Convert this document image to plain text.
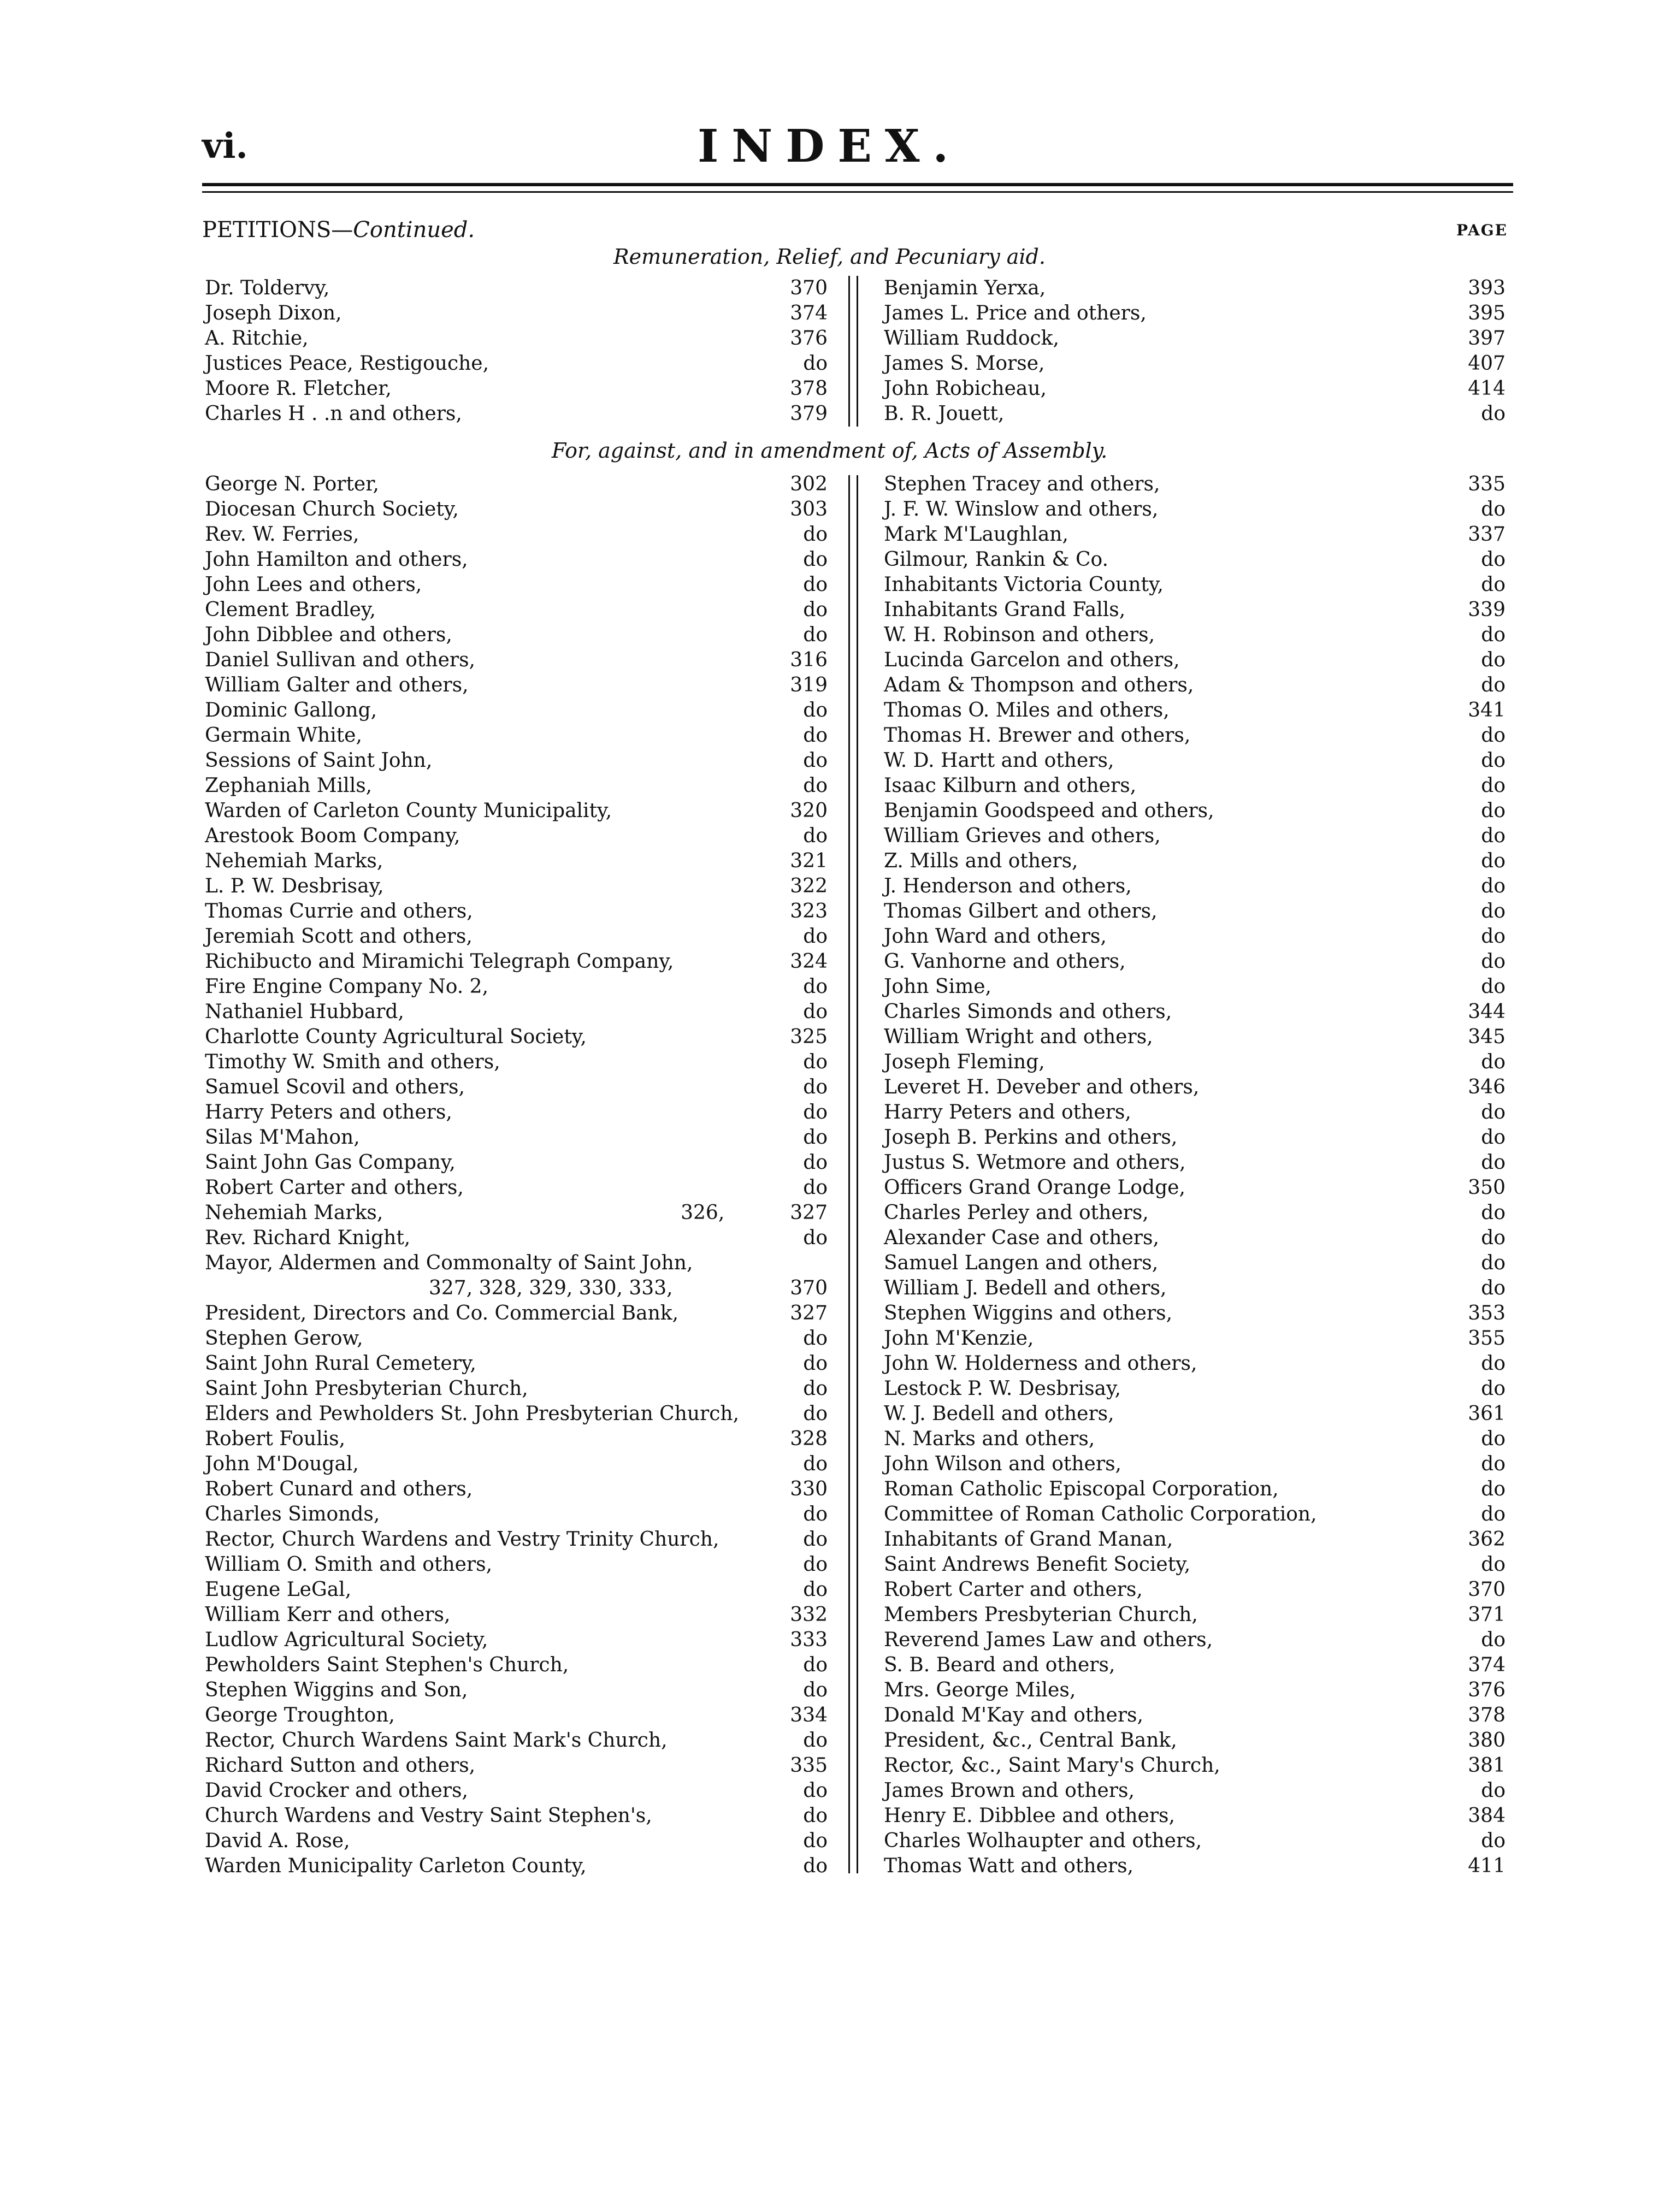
vi.	INDEX.
PETITIONS—Continued.	PAGE
Remuneration, Relief, and Pecuniary aid.
Dr. Toldervy,	370
Joseph Dixon,	374
A. Ritchie,	376
Justices Peace, Restigouche,	do
Moore R. Fletcher,	378
Charles H . .n and others,	379
Benjamin Yerxa,	393
James L. Price and others,	395
William Ruddock,	397
James S. Morse,	407
John Robicheau,	414
B. R. Jouett,	do
For, against, and in amendment of, Acts of Assembly.
George N. Porter,	302
Diocesan Church Society,	303
Rev. W. Ferries,	do
John Hamilton and others,	do
John Lees and others,	do
Clement Bradley,	do
John Dibblee and others,	do
Daniel Sullivan and others,	316
William Galter and others,	319
Dominic Gallong,	do
Germain White,	do
Sessions of Saint John,	do
Zephaniah Mills,	do
Warden of Carleton County Municipality,	320
Arestook Boom Company,	do
Nehemiah Marks,	321
L. P. W. Desbrisay,	322
Thomas Currie and others,	323
Jeremiah Scott and others,	do
Richibucto and Miramichi Telegraph Company,	324
Fire Engine Company No. 2,	do
Nathaniel Hubbard,	do
Charlotte County Agricultural Society,	325
Timothy W. Smith and others,	do
Samuel Scovil and others,	do
Harry Peters and others,	do
Silas M'Mahon,	do
Saint John Gas Company,	do
Robert Carter and others,	do
Nehemiah Marks,	326,	327
Rev. Richard Knight,	do
Mayor, Aldermen and Commonalty of Saint John,
327, 328, 329, 330, 333,	370
President, Directors and Co. Commercial Bank,	327
Stephen Gerow,	do
Saint John Rural Cemetery,	do
Saint John Presbyterian Church,	do
Elders and Pewholders St. John Presbyterian Church,	do
Robert Foulis,	328
John M'Dougal,	do
Robert Cunard and others,	330
Charles Simonds,	do
Rector, Church Wardens and Vestry Trinity Church,	do
William O. Smith and others,	do
Eugene LeGal,	do
William Kerr and others,	332
Ludlow Agricultural Society,	333
Pewholders Saint Stephen's Church,	do
Stephen Wiggins and Son,	do
George Troughton,	334
Rector, Church Wardens Saint Mark's Church,	do
Richard Sutton and others,	335
David Crocker and others,	do
Church Wardens and Vestry Saint Stephen's,	do
David A. Rose,	do
Warden Municipality Carleton County,	do
Stephen Tracey and others,	335
J. F. W. Winslow and others,	do
Mark M'Laughlan,	337
Gilmour, Rankin & Co.	do
Inhabitants Victoria County,	do
Inhabitants Grand Falls,	339
W. H. Robinson and others,	do
Lucinda Garcelon and others,	do
Adam & Thompson and others,	do
Thomas O. Miles and others,	341
Thomas H. Brewer and others,	do
W. D. Hartt and others,	do
Isaac Kilburn and others,	do
Benjamin Goodspeed and others,	do
William Grieves and others,	do
Z. Mills and others,	do
J. Henderson and others,	do
Thomas Gilbert and others,	do
John Ward and others,	do
G. Vanhorne and others,	do
John Sime,	do
Charles Simonds and others,	344
William Wright and others,	345
Joseph Fleming,	do
Leveret H. Deveber and others,	346
Harry Peters and others,	do
Joseph B. Perkins and others,	do
Justus S. Wetmore and others,	do
Officers Grand Orange Lodge,	350
Charles Perley and others,	do
Alexander Case and others,	do
Samuel Langen and others,	do
William J. Bedell and others,	do
Stephen Wiggins and others,	353
John M'Kenzie,	355
John W. Holderness and others,	do
Lestock P. W. Desbrisay,	do
W. J. Bedell and others,	361
N. Marks and others,	do
John Wilson and others,	do
Roman Catholic Episcopal Corporation,	do
Committee of Roman Catholic Corporation,	do
Inhabitants of Grand Manan,	362
Saint Andrews Benefit Society,	do
Robert Carter and others,	370
Members Presbyterian Church,	371
Reverend James Law and others,	do
S. B. Beard and others,	374
Mrs. George Miles,	376
Donald M'Kay and others,	378
President, &c., Central Bank,	380
Rector, &c., Saint Mary's Church,	381
James Brown and others,	do
Henry E. Dibblee and others,	384
Charles Wolhaupter and others,	do
Thomas Watt and others,	411
